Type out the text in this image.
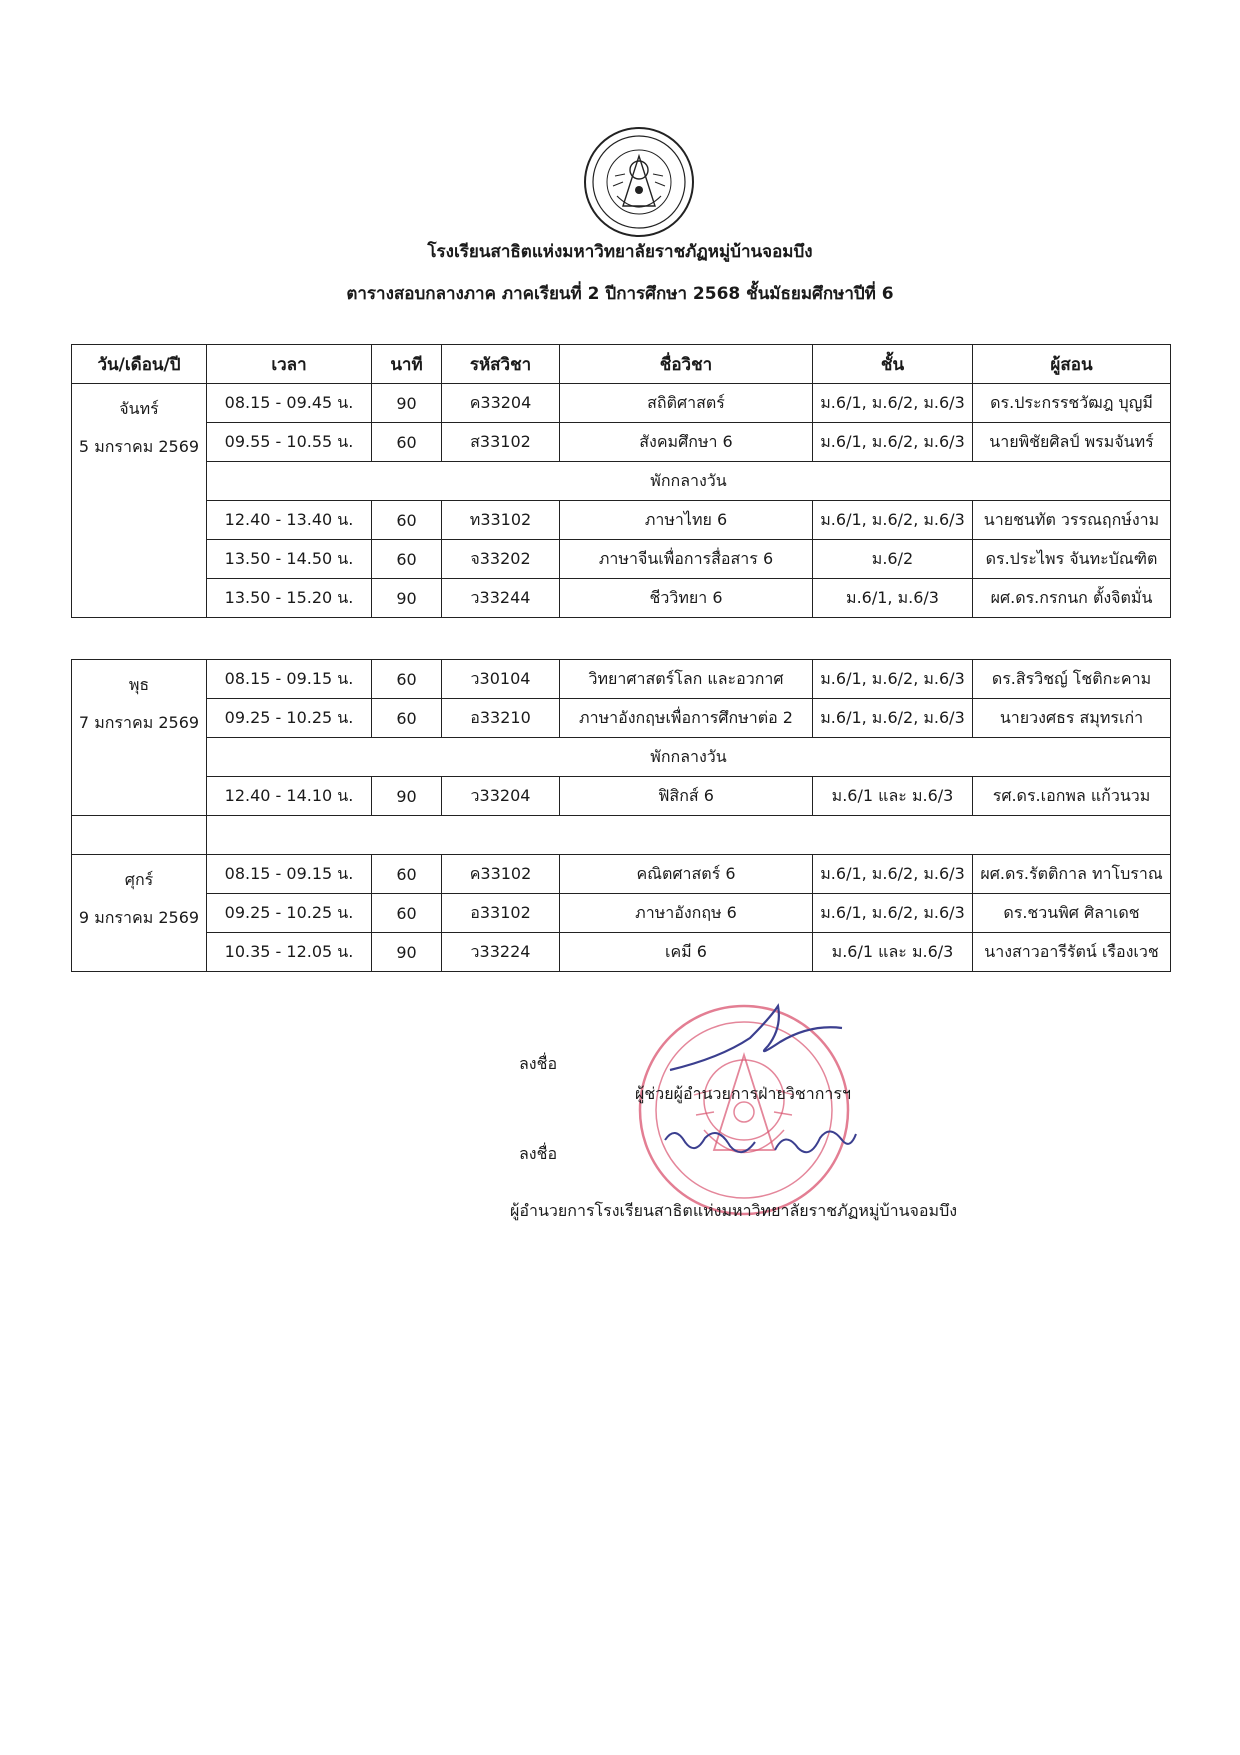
โรงเรียนสาธิตแห่งมหาวิทยาลัยราชภัฏหมู่บ้านจอมบึง
ตารางสอบกลางภาค ภาคเรียนที่ 2 ปีการศึกษา 2568 ชั้นมัธยมศึกษาปีที่ 6
วัน/เดือน/ปี	เวลา	นาที	รหัสวิชา	ชื่อวิชา	ชั้น	ผู้สอน

จันทร์
5 มกราคม 2569	08.15 - 09.45 น.	90	ค33204	สถิติศาสตร์	ม.6/1, ม.6/2, ม.6/3	ดร.ประกรรชวัฒฎ บุญมี
	09.55 - 10.55 น.	60	ส33102	สังคมศึกษา 6	ม.6/1, ม.6/2, ม.6/3	นายพิชัยศิลป์ พรมจันทร์
	พักกลางวัน					
	12.40 - 13.40 น.	60	ท33102	ภาษาไทย 6	ม.6/1, ม.6/2, ม.6/3	นายชนทัต วรรณฤกษ์งาม
	13.50 - 14.50 น.	60	จ33202	ภาษาจีนเพื่อการสื่อสาร 6	ม.6/2	ดร.ประไพร จันทะบัณฑิต
	13.50 - 15.20 น.	90	ว33244	ชีววิทยา 6	ม.6/1, ม.6/3	ผศ.ดร.กรกนก ตั้งจิตมั่น
พุธ
7 มกราคม 2569	08.15 - 09.15 น.	60	ว30104	วิทยาศาสตร์โลก และอวกาศ	ม.6/1, ม.6/2, ม.6/3	ดร.สิรวิชญ์ โชติกะคาม
	09.25 - 10.25 น.	60	อ33210	ภาษาอังกฤษเพื่อการศึกษาต่อ 2	ม.6/1, ม.6/2, ม.6/3	นายวงศธร สมุทรเก่า
	พักกลางวัน					
	12.40 - 14.10 น.	90	ว33204	ฟิสิกส์ 6	ม.6/1 และ ม.6/3	รศ.ดร.เอกพล แก้วนวม

ศุกร์
9 มกราคม 2569	08.15 - 09.15 น.	60	ค33102	คณิตศาสตร์ 6	ม.6/1, ม.6/2, ม.6/3	ผศ.ดร.รัตติกาล ทาโบราณ
	09.25 - 10.25 น.	60	อ33102	ภาษาอังกฤษ 6	ม.6/1, ม.6/2, ม.6/3	ดร.ชวนพิศ ศิลาเดช
	10.35 - 12.05 น.	90	ว33224	เคมี 6	ม.6/1 และ ม.6/3	นางสาวอารีรัตน์ เรืองเวช
ลงชื่อ
ผู้ช่วยผู้อำนวยการฝ่ายวิชาการฯ
ลงชื่อ
ผู้อำนวยการโรงเรียนสาธิตแห่งมหาวิทยาลัยราชภัฏหมู่บ้านจอมบึง
